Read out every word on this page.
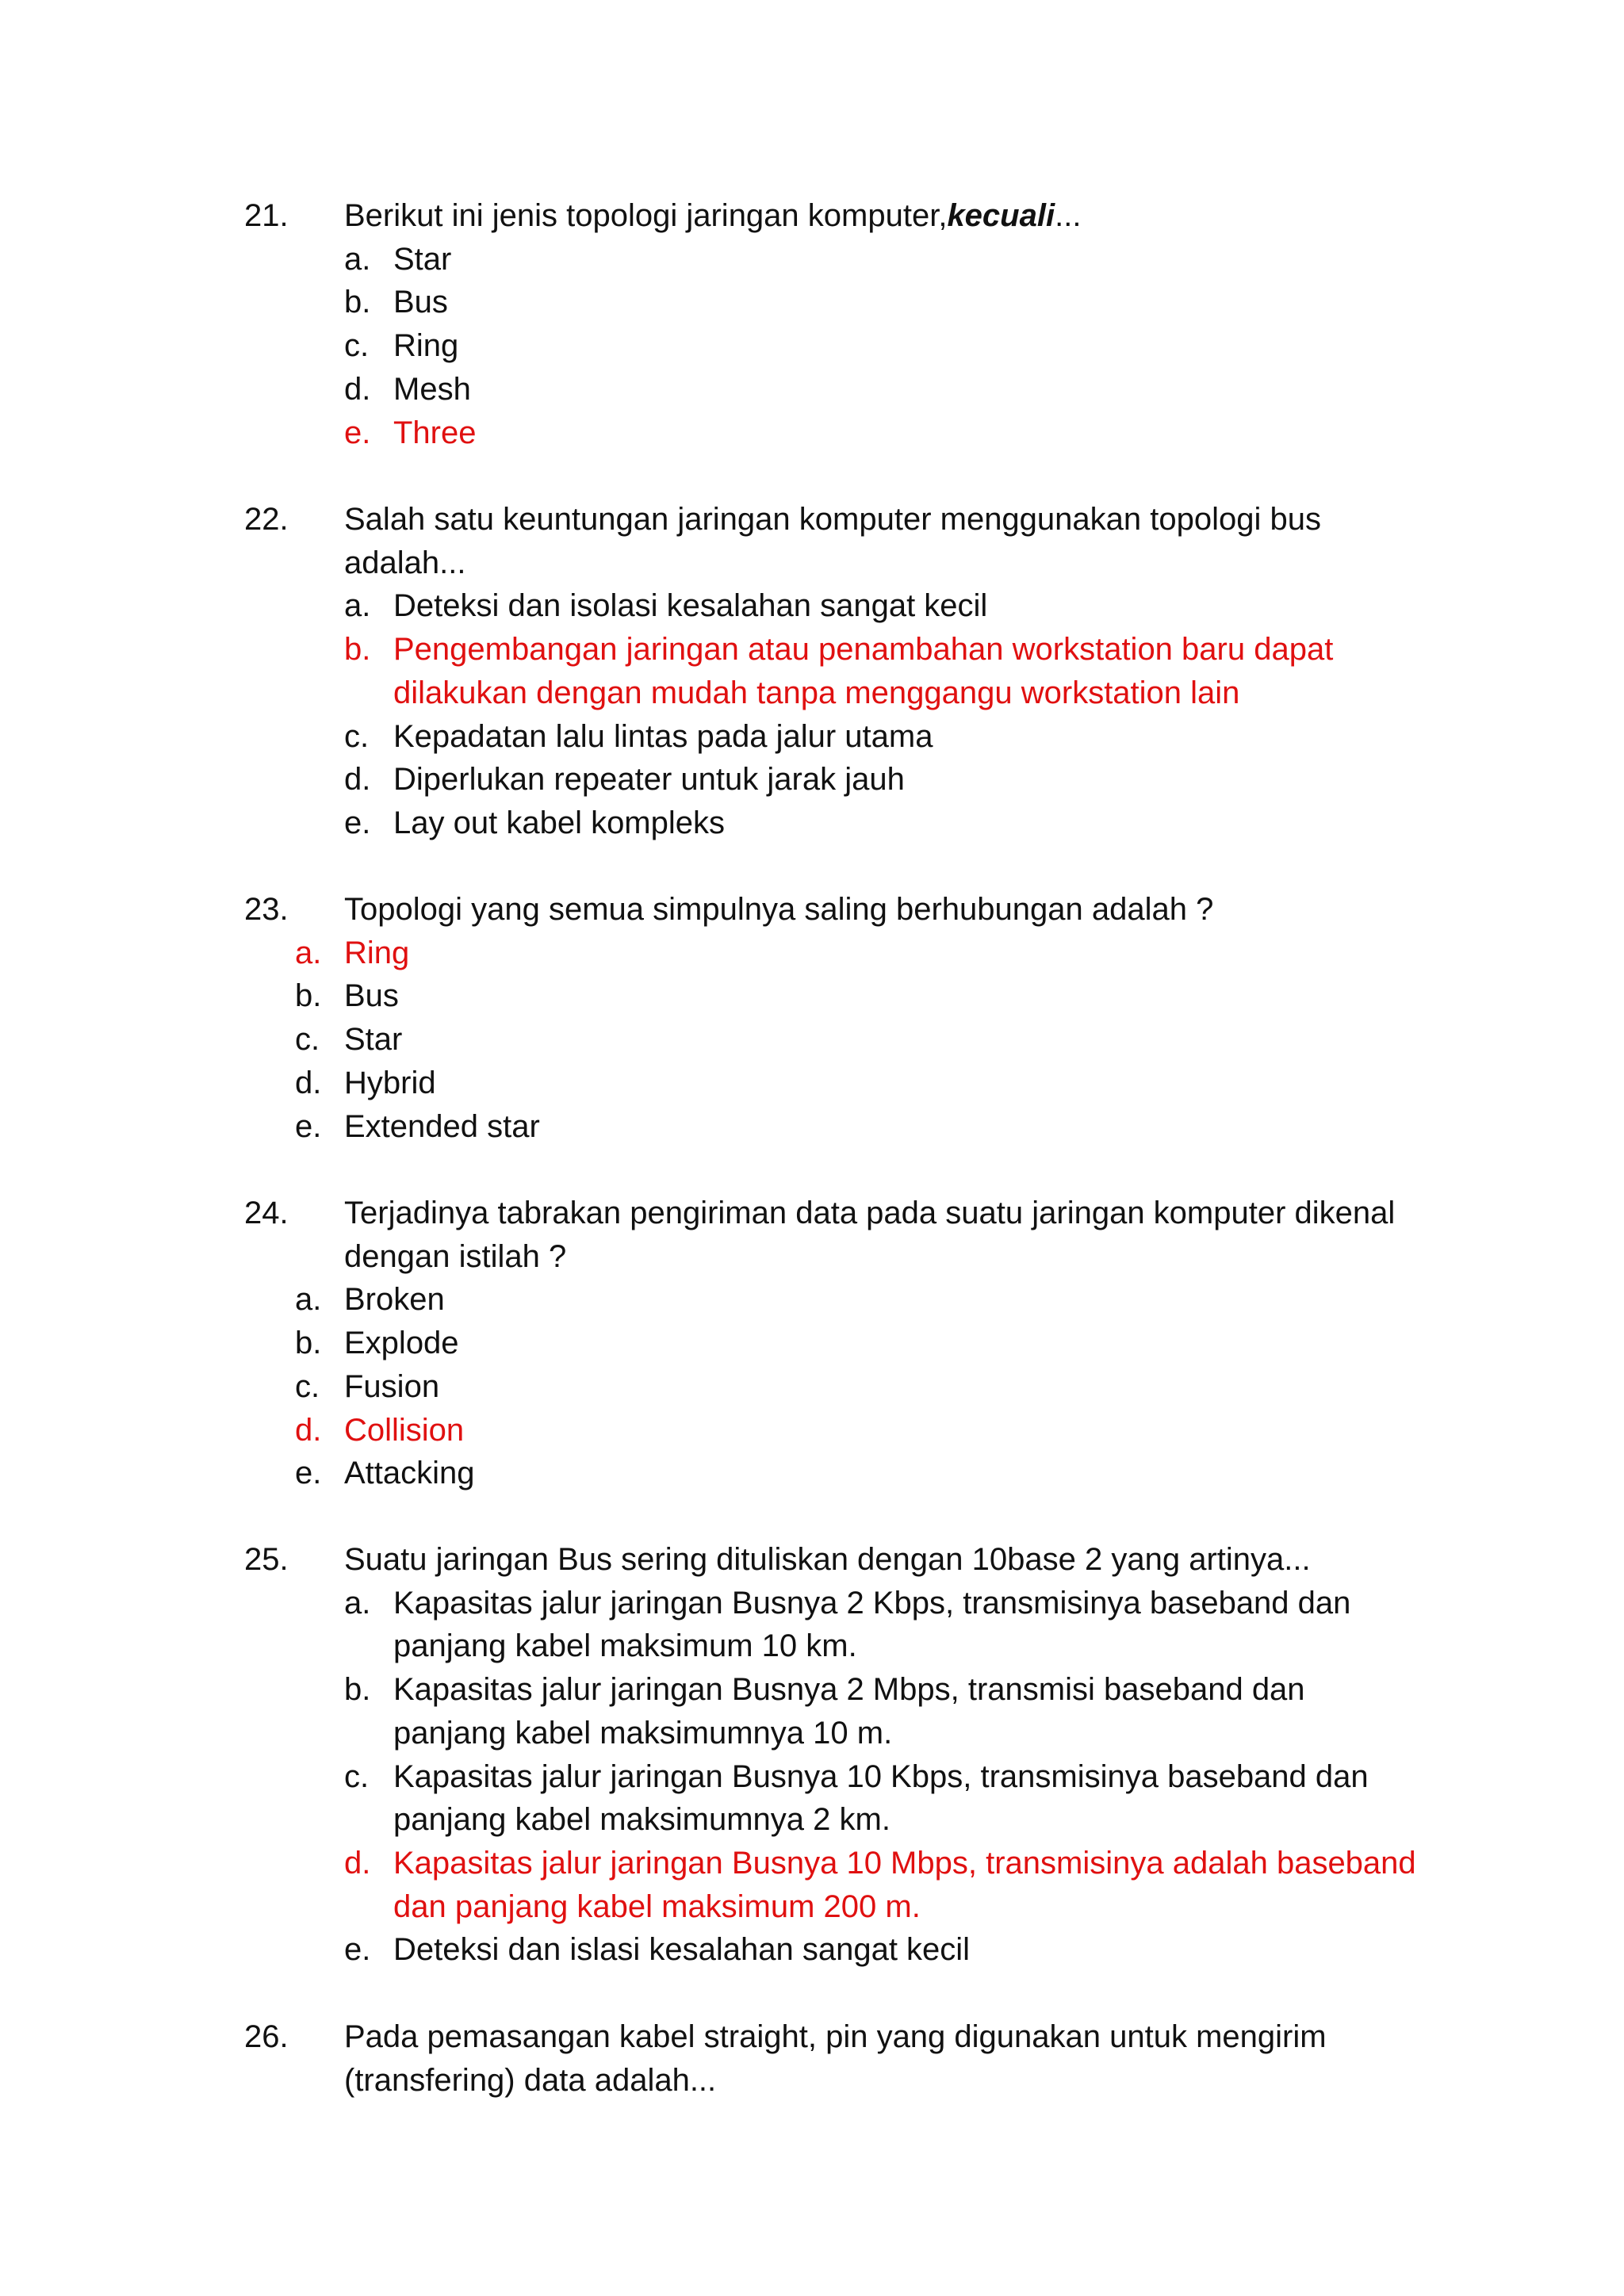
21. Berikut ini jenis topologi jaringan komputer,kecuali...
a. Star
b. Bus
c. Ring
d. Mesh
e. Three
22. Salah satu keuntungan jaringan komputer menggunakan topologi bus adalah...
a. Deteksi dan isolasi kesalahan sangat kecil
b. Pengembangan jaringan atau penambahan workstation baru dapat dilakukan dengan mudah tanpa menggangu workstation lain
c. Kepadatan lalu lintas pada jalur utama
d. Diperlukan repeater untuk jarak jauh
e. Lay out kabel kompleks
23. Topologi yang semua simpulnya saling berhubungan adalah ?
a. Ring
b. Bus
c. Star
d. Hybrid
e. Extended star
24. Terjadinya tabrakan pengiriman data pada suatu jaringan komputer dikenal dengan istilah ?
a. Broken
b. Explode
c. Fusion
d. Collision
e. Attacking
25. Suatu jaringan Bus sering dituliskan dengan 10base 2 yang artinya...
a. Kapasitas jalur jaringan Busnya 2 Kbps, transmisinya baseband dan panjang kabel maksimum 10 km.
b. Kapasitas jalur jaringan Busnya 2 Mbps, transmisi baseband dan panjang kabel maksimumnya 10 m.
c. Kapasitas jalur jaringan Busnya 10 Kbps, transmisinya baseband dan panjang kabel maksimumnya 2 km.
d. Kapasitas jalur jaringan Busnya 10 Mbps, transmisinya adalah baseband dan panjang kabel maksimum 200 m.
e. Deteksi dan islasi kesalahan sangat kecil
26. Pada pemasangan kabel straight, pin yang digunakan untuk mengirim (transfering) data adalah...
